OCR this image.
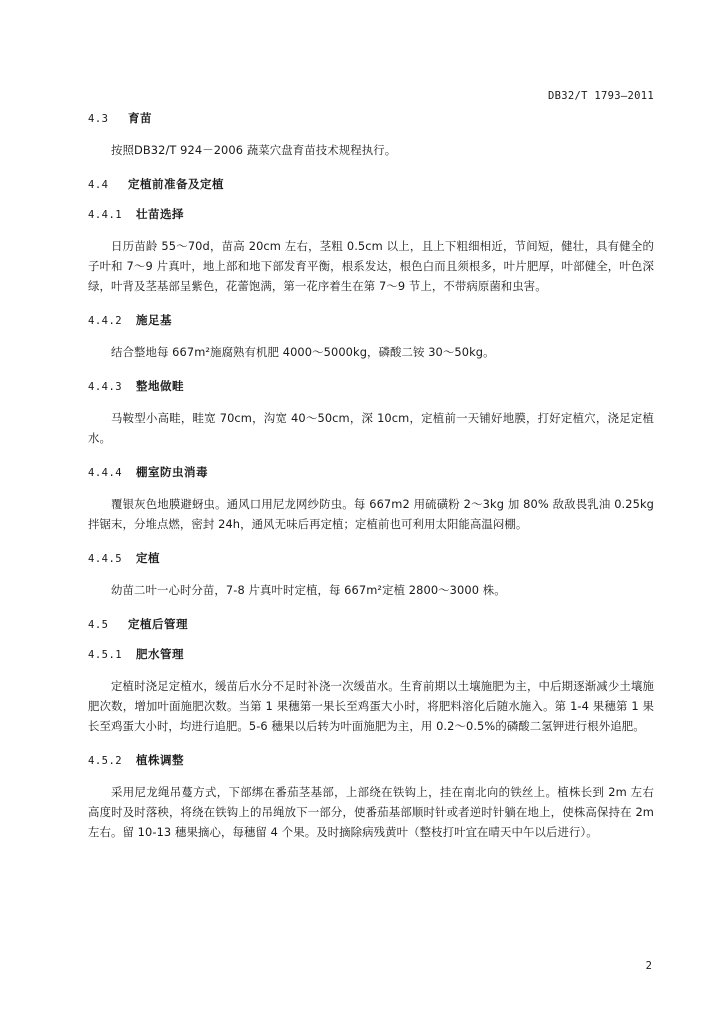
DB32/T 1793—2011
4.3 育苗
按照DB32/T 924－2006 蔬菜穴盘育苗技术规程执行。
4.4 定植前准备及定植
4.4.1 壮苗选择
日历苗龄 55～70d，苗高 20cm 左右，茎粗 0.5cm 以上，且上下粗细相近，节间短，健壮，具有健全的子叶和 7～9 片真叶，地上部和地下部发育平衡，根系发达，根色白而且须根多，叶片肥厚，叶部健全，叶色深绿，叶背及茎基部呈紫色，花蕾饱满，第一花序着生在第 7～9 节上，不带病原菌和虫害。
4.4.2 施足基
结合整地每 667m²施腐熟有机肥 4000～5000kg，磷酸二铵 30～50kg。
4.4.3 整地做畦
马鞍型小高畦，畦宽 70cm，沟宽 40～50cm，深 10cm，定植前一天铺好地膜，打好定植穴，浇足定植水。
4.4.4 棚室防虫消毒
覆银灰色地膜避蚜虫。通风口用尼龙网纱防虫。每 667m2 用硫磺粉 2～3kg 加 80% 敌敌畏乳油 0.25kg 拌锯末，分堆点燃，密封 24h，通风无味后再定植；定植前也可利用太阳能高温闷棚。
4.4.5 定植
幼苗二叶一心时分苗，7-8 片真叶时定植，每 667m²定植 2800～3000 株。
4.5 定植后管理
4.5.1 肥水管理
定植时浇足定植水，缓苗后水分不足时补浇一次缓苗水。生育前期以土壤施肥为主，中后期逐渐减少土壤施肥次数，增加叶面施肥次数。当第 1 果穗第一果长至鸡蛋大小时，将肥料溶化后随水施入。第 1-4 果穗第 1 果长至鸡蛋大小时，均进行追肥。5-6 穗果以后转为叶面施肥为主，用 0.2～0.5%的磷酸二氢钾进行根外追肥。
4.5.2 植株调整
采用尼龙绳吊蔓方式，下部绑在番茄茎基部，上部绕在铁钩上，挂在南北向的铁丝上。植株长到 2m 左右高度时及时落秧，将绕在铁钩上的吊绳放下一部分，使番茄基部顺时针或者逆时针躺在地上，使株高保持在 2m 左右。留 10-13 穗果摘心，每穗留 4 个果。及时摘除病残黄叶（整枝打叶宜在晴天中午以后进行）。
2
